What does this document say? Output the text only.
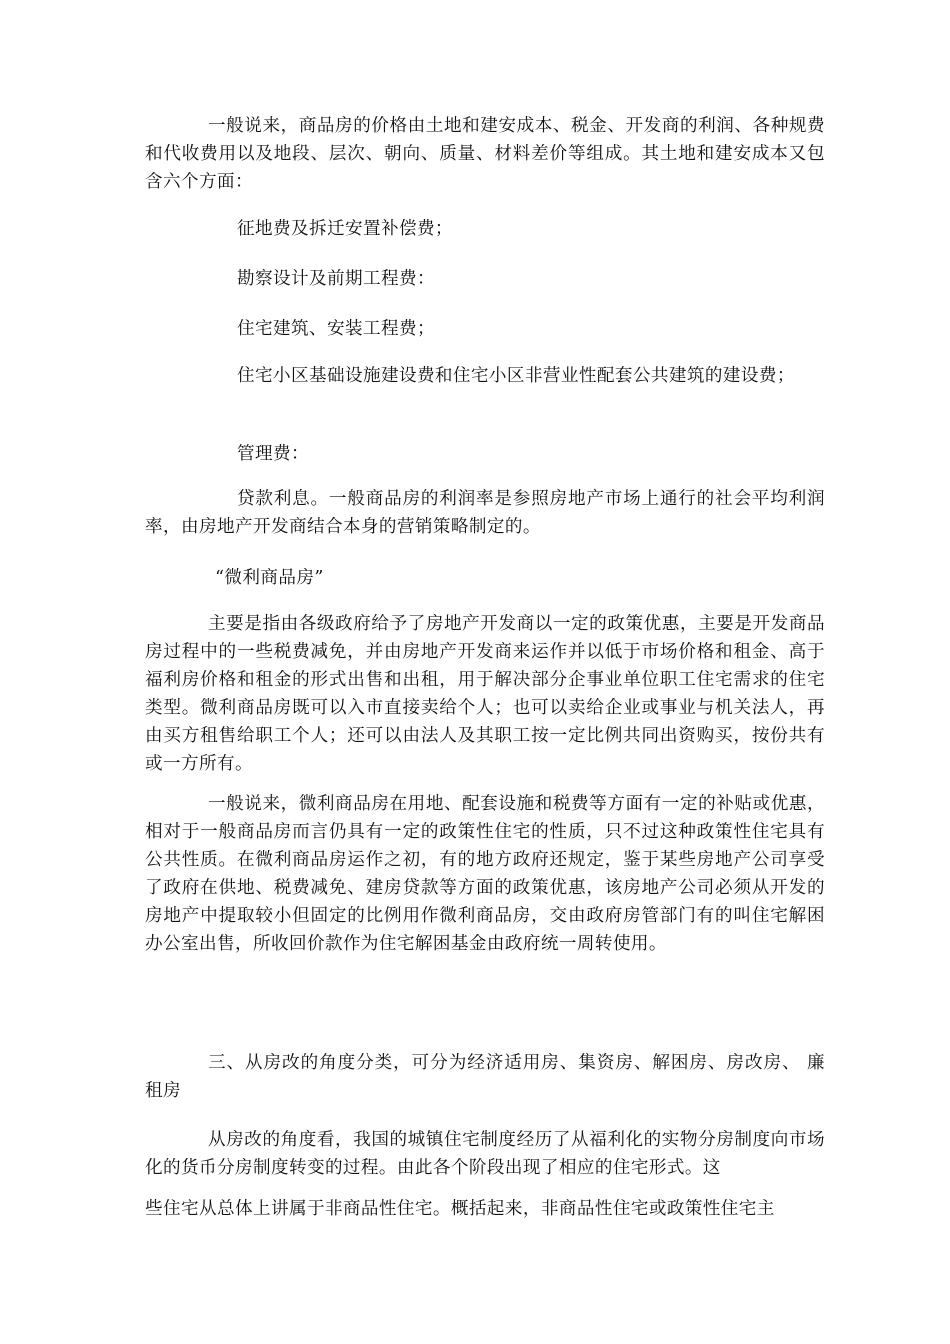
一般说来，商品房的价格由土地和建安成本、税金、开发商的利润、各种规费和代收费用以及地段、层次、朝向、质量、材料差价等组成。其土地和建安成本又包含六个方面：

征地费及拆迁安置补偿费；

勘察设计及前期工程费：

住宅建筑、安装工程费；

住宅小区基础设施建设费和住宅小区非营业性配套公共建筑的建设费；

管理费：

贷款利息。一般商品房的利润率是参照房地产市场上通行的社会平均利润率，由房地产开发商结合本身的营销策略制定的。

“微利商品房”

主要是指由各级政府给予了房地产开发商以一定的政策优惠，主要是开发商品房过程中的一些税费减免，并由房地产开发商来运作并以低于市场价格和租金、高于福利房价格和租金的形式出售和出租，用于解决部分企事业单位职工住宅需求的住宅类型。微利商品房既可以入市直接卖给个人；也可以卖给企业或事业与机关法人，再由买方租售给职工个人；还可以由法人及其职工按一定比例共同出资购买，按份共有或一方所有。

一般说来，微利商品房在用地、配套设施和税费等方面有一定的补贴或优惠，相对于一般商品房而言仍具有一定的政策性住宅的性质，只不过这种政策性住宅具有公共性质。在微利商品房运作之初，有的地方政府还规定，鉴于某些房地产公司享受了政府在供地、税费减免、建房贷款等方面的政策优惠，该房地产公司必须从开发的房地产中提取较小但固定的比例用作微利商品房，交由政府房管部门有的叫住宅解困办公室出售，所收回价款作为住宅解困基金由政府统一周转使用。

三、从房改的角度分类，可分为经济适用房、集资房、解困房、房改房、 廉租房

从房改的角度看，我国的城镇住宅制度经历了从福利化的实物分房制度向市场化的货币分房制度转变的过程。由此各个阶段出现了相应的住宅形式。这

些住宅从总体上讲属于非商品性住宅。概括起来，非商品性住宅或政策性住宅主
